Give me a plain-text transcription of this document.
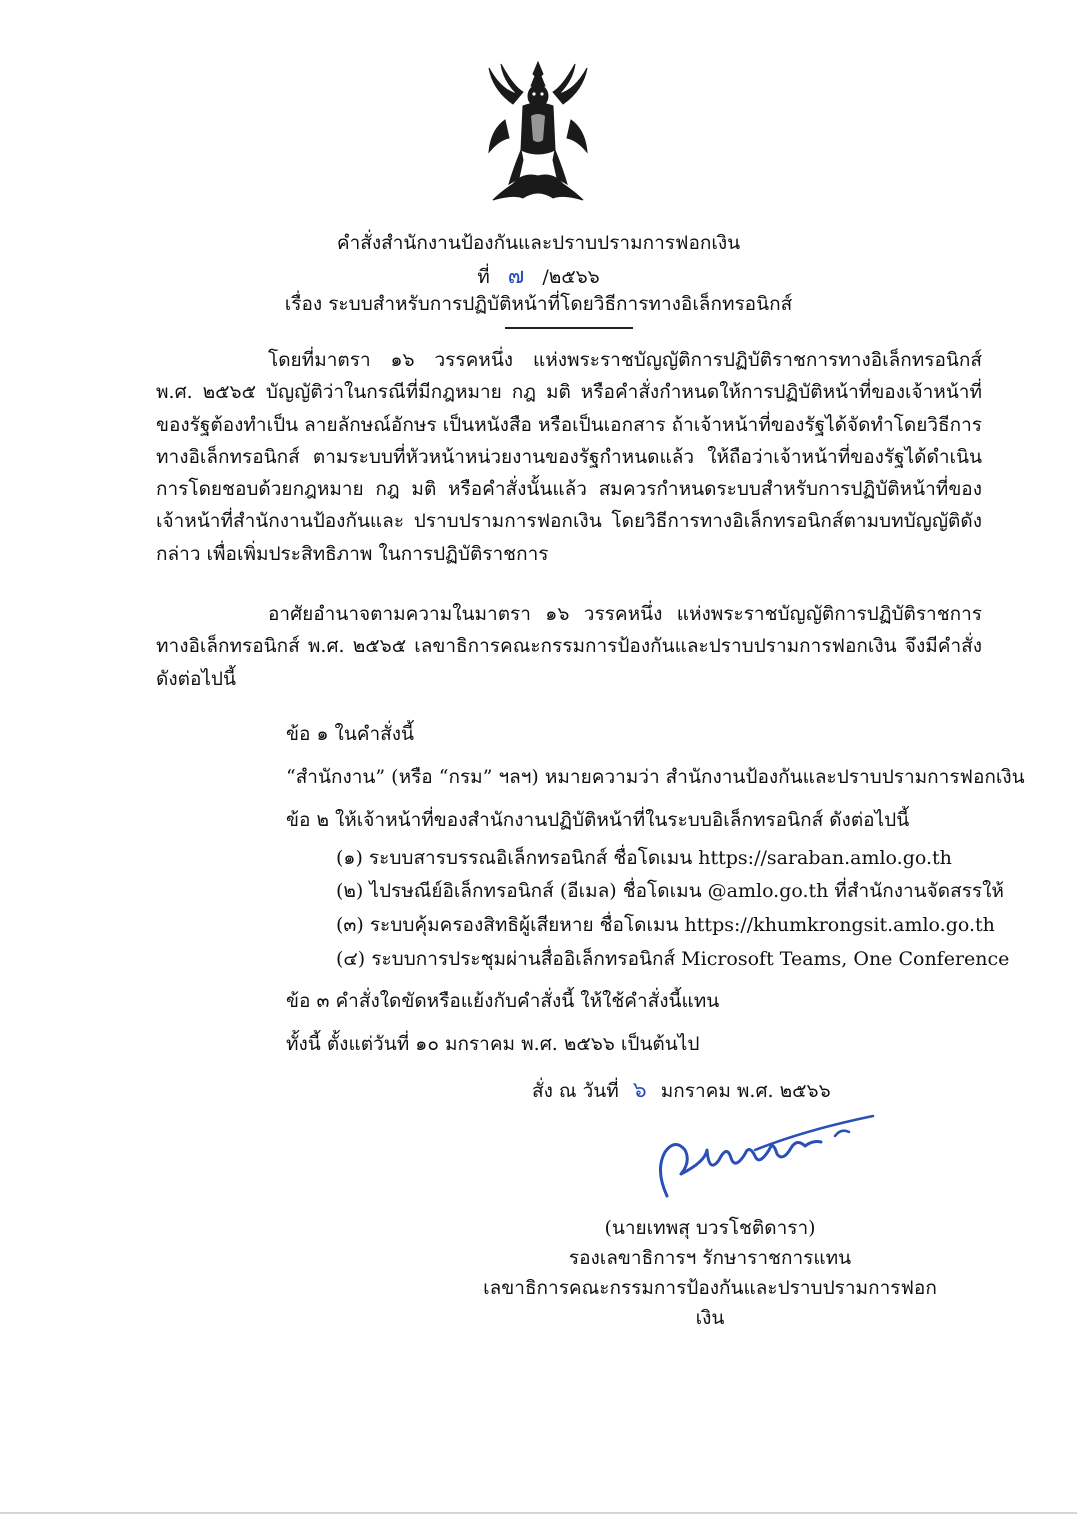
คำสั่งสำนักงานป้องกันและปราบปรามการฟอกเงิน
ที่ ๗ /๒๕๖๖
เรื่อง ระบบสำหรับการปฏิบัติหน้าที่โดยวิธีการทางอิเล็กทรอนิกส์
โดยที่มาตรา ๑๖ วรรคหนึ่ง แห่งพระราชบัญญัติการปฏิบัติราชการทางอิเล็กทรอนิกส์ พ.ศ. ๒๕๖๕ บัญญัติว่าในกรณีที่มีกฎหมาย กฎ มติ หรือคำสั่งกำหนดให้การปฏิบัติหน้าที่ของเจ้าหน้าที่ของรัฐต้องทำเป็น ลายลักษณ์อักษร เป็นหนังสือ หรือเป็นเอกสาร ถ้าเจ้าหน้าที่ของรัฐได้จัดทำโดยวิธีการทางอิเล็กทรอนิกส์ ตามระบบที่หัวหน้าหน่วยงานของรัฐกำหนดแล้ว ให้ถือว่าเจ้าหน้าที่ของรัฐได้ดำเนินการโดยชอบด้วยกฎหมาย กฎ มติ หรือคำสั่งนั้นแล้ว สมควรกำหนดระบบสำหรับการปฏิบัติหน้าที่ของเจ้าหน้าที่สำนักงานป้องกันและ ปราบปรามการฟอกเงิน โดยวิธีการทางอิเล็กทรอนิกส์ตามบทบัญญัติดังกล่าว เพื่อเพิ่มประสิทธิภาพ ในการปฏิบัติราชการ
อาศัยอำนาจตามความในมาตรา ๑๖ วรรคหนึ่ง แห่งพระราชบัญญัติการปฏิบัติราชการ ทางอิเล็กทรอนิกส์ พ.ศ. ๒๕๖๕ เลขาธิการคณะกรรมการป้องกันและปราบปรามการฟอกเงิน จึงมีคำสั่ง ดังต่อไปนี้
ข้อ ๑ ในคำสั่งนี้
“สำนักงาน” (หรือ “กรม” ฯลฯ) หมายความว่า สำนักงานป้องกันและปราบปรามการฟอกเงิน
ข้อ ๒ ให้เจ้าหน้าที่ของสำนักงานปฏิบัติหน้าที่ในระบบอิเล็กทรอนิกส์ ดังต่อไปนี้
(๑) ระบบสารบรรณอิเล็กทรอนิกส์ ชื่อโดเมน https://saraban.amlo.go.th
(๒) ไปรษณีย์อิเล็กทรอนิกส์ (อีเมล) ชื่อโดเมน @amlo.go.th ที่สำนักงานจัดสรรให้
(๓) ระบบคุ้มครองสิทธิผู้เสียหาย ชื่อโดเมน https://khumkrongsit.amlo.go.th
(๔) ระบบการประชุมผ่านสื่ออิเล็กทรอนิกส์ Microsoft Teams, One Conference
ข้อ ๓ คำสั่งใดขัดหรือแย้งกับคำสั่งนี้ ให้ใช้คำสั่งนี้แทน
ทั้งนี้ ตั้งแต่วันที่ ๑๐ มกราคม พ.ศ. ๒๕๖๖ เป็นต้นไป
สั่ง ณ วันที่ ๖ มกราคม พ.ศ. ๒๕๖๖
(นายเทพสุ บวรโชติดารา)
รองเลขาธิการฯ รักษาราชการแทน
เลขาธิการคณะกรรมการป้องกันและปราบปรามการฟอกเงิน
